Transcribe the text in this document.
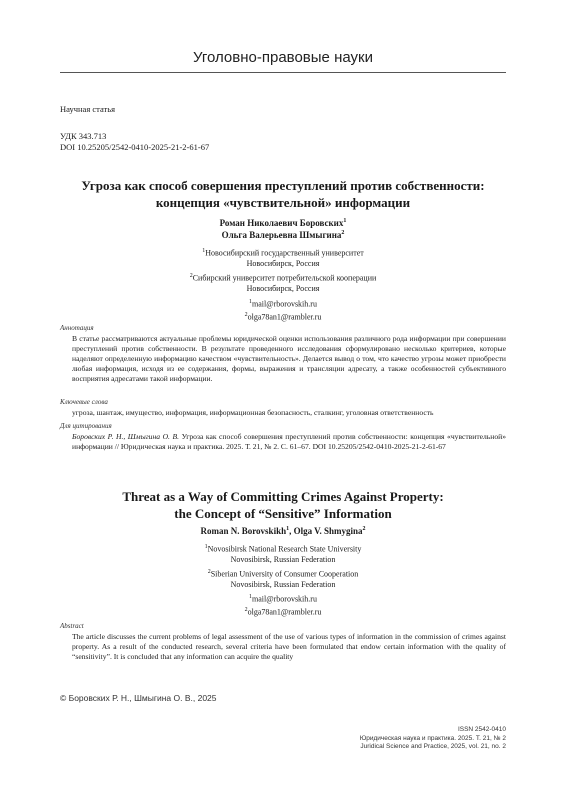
Уголовно-правовые науки
Научная статья
УДК 343.713
DOI 10.25205/2542-0410-2025-21-2-61-67
Угроза как способ совершения преступлений против собственности:
концепция «чувствительной» информации
Роман Николаевич Боровских$^1$
Ольга Валерьевна Шмыгина$^2$
$^1$Новосибирский государственный университет
Новосибирск, Россия
$^2$Сибирский университет потребительской кооперации
Новосибирск, Россия
$^1$mail@rborovskih.ru
$^2$olga78an1@rambler.ru
Аннотация
В статье рассматриваются актуальные проблемы юридической оценки использования различного рода информации при совершении преступлений против собственности. В результате проведенного исследования сформулировано несколько критериев, которые наделяют определенную информацию качеством «чувствительность». Делается вывод о том, что качество угрозы может приобрести любая информация, исходя из ее содержания, формы, выражения и трансляции адресату, а также особенностей субъективного восприятия адресатами такой информации.
Ключевые слова
угроза, шантаж, имущество, информация, информационная безопасность, сталкинг, уголовная ответственность
Для цитирования
Боровских Р. Н., Шмыгина О. В. Угроза как способ совершения преступлений против собственности: концепция «чувствительной» информации // Юридическая наука и практика. 2025. Т. 21, № 2. С. 61–67. DOI 10.25205/2542-0410-2025-21-2-61-67
Threat as a Way of Committing Crimes Against Property:
the Concept of “Sensitive” Information
Roman N. Borovskikh$^1$, Olga V. Shmygina$^2$
$^1$Novosibirsk National Research State University
Novosibirsk, Russian Federation
$^2$Siberian University of Consumer Cooperation
Novosibirsk, Russian Federation
$^1$mail@rborovskih.ru
$^2$olga78an1@rambler.ru
Abstract
The article discusses the current problems of legal assessment of the use of various types of information in the commission of crimes against property. As a result of the conducted research, several criteria have been formulated that endow certain information with the quality of “sensitivity”. It is concluded that any information can acquire the quality
© Боровских Р. Н., Шмыгина О. В., 2025
ISSN 2542-0410
Юридическая наука и практика. 2025. Т. 21, № 2
Juridical Science and Practice, 2025, vol. 21, no. 2
